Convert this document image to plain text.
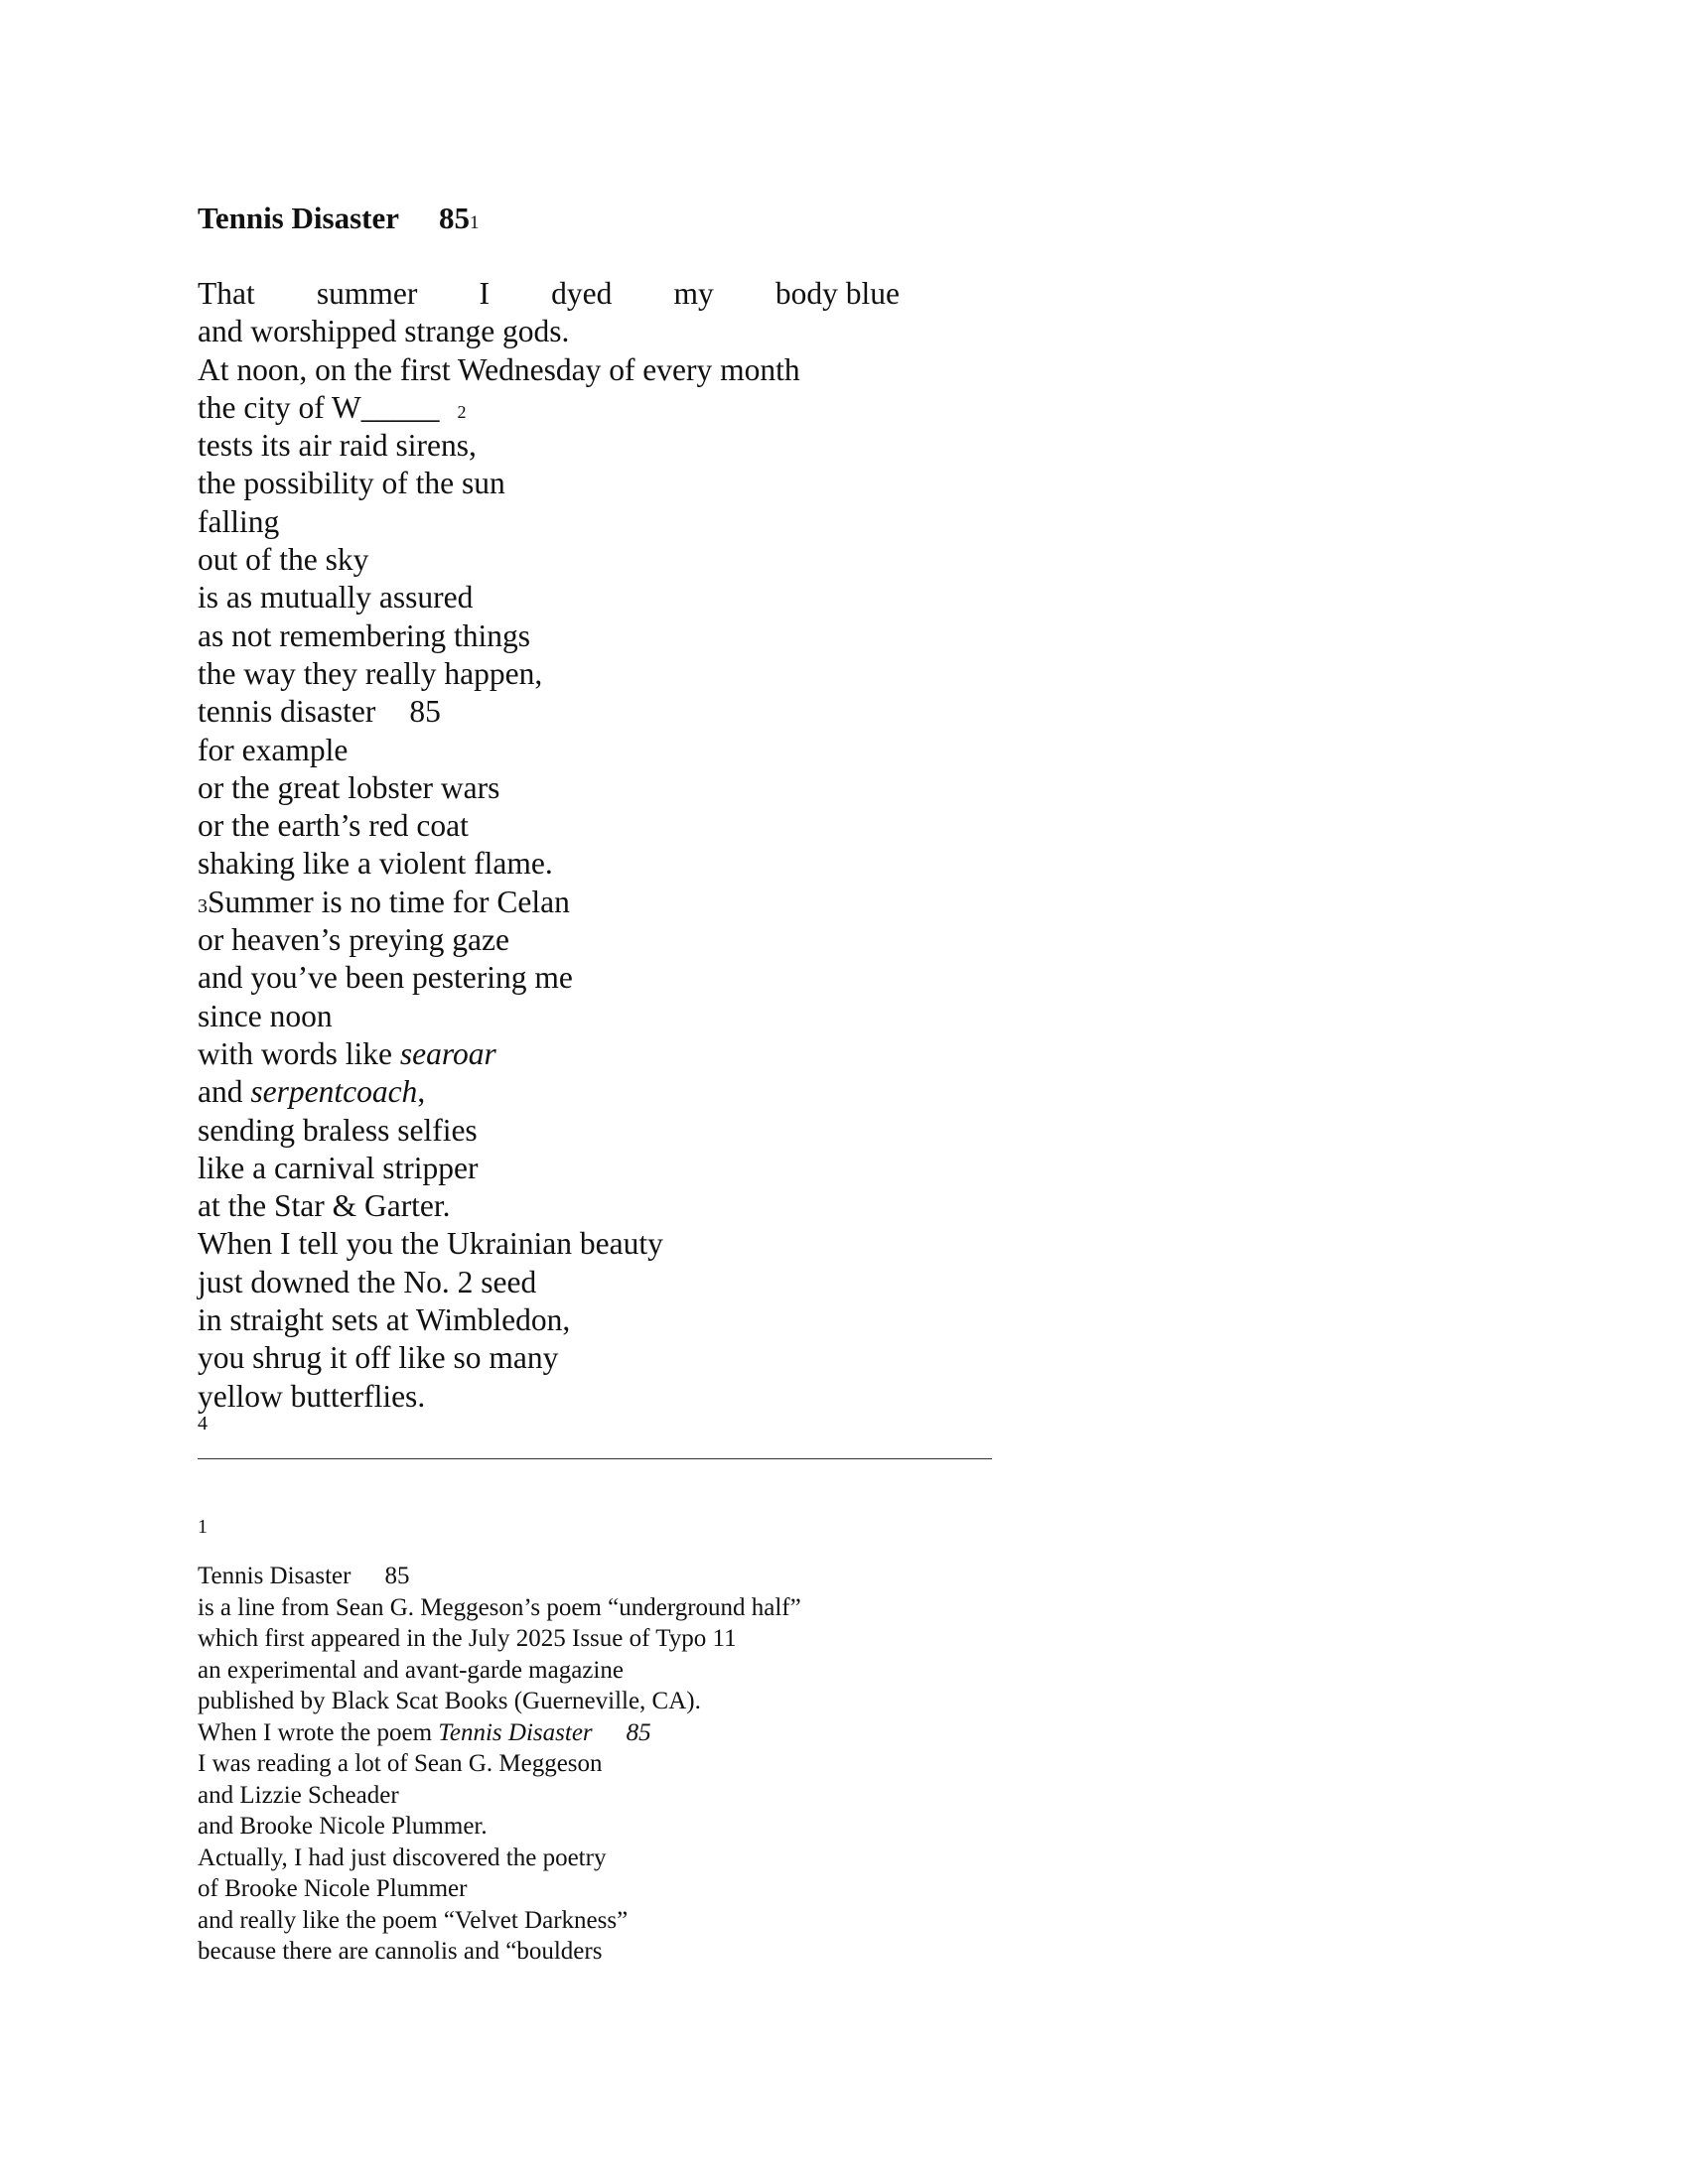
Tennis Disaster 851
That summer I dyed my body blue
and worshipped strange gods.
At noon, on the first Wednesday of every month
the city of W_____ 2
tests its air raid sirens,
the possibility of the sun
falling
out of the sky
is as mutually assured
as not remembering things
the way they really happen,
tennis disaster 85
for example
or the great lobster wars
or the earth’s red coat
shaking like a violent flame.
3Summer is no time for Celan
or heaven’s preying gaze
and you’ve been pestering me
since noon
with words like searoar
and serpentcoach,
sending braless selfies
like a carnival stripper
at the Star & Garter.
When I tell you the Ukrainian beauty
just downed the No. 2 seed
in straight sets at Wimbledon,
you shrug it off like so many
yellow butterflies.
4
1
Tennis Disaster 85
is a line from Sean G. Meggeson’s poem “underground half”
which first appeared in the July 2025 Issue of Typo 11
an experimental and avant-garde magazine
published by Black Scat Books (Guerneville, CA).
When I wrote the poem Tennis Disaster 85
I was reading a lot of Sean G. Meggeson
and Lizzie Scheader
and Brooke Nicole Plummer.
Actually, I had just discovered the poetry
of Brooke Nicole Plummer
and really like the poem “Velvet Darkness”
because there are cannolis and “boulders
